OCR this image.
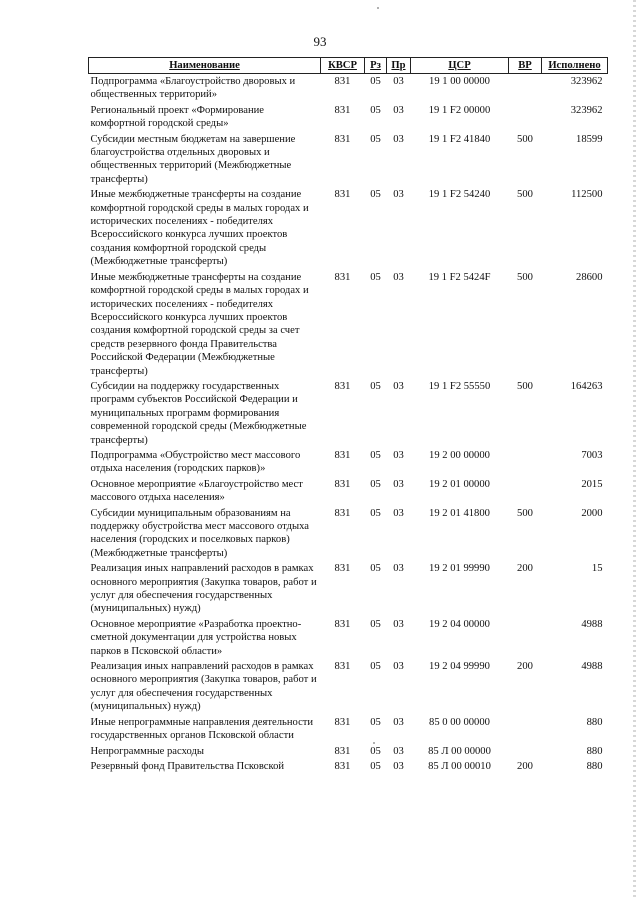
93
Наименование	КВСР	Рз	Пр	ЦСР	ВР	Исполнено
Подпрограмма «Благоустройство дворовых и общественных территорий»	831	05	03	19 1 00 00000		323962
Региональный проект «Формирование комфортной городской среды»	831	05	03	19 1 F2 00000		323962
Субсидии местным бюджетам на завершение благоустройства отдельных дворовых и общественных территорий (Межбюджетные трансферты)	831	05	03	19 1 F2 41840	500	18599
Иные межбюджетные трансферты на создание комфортной городской среды в малых городах и исторических поселениях - победителях Всероссийского конкурса лучших проектов создания комфортной городской среды (Межбюджетные трансферты)	831	05	03	19 1 F2 54240	500	112500
Иные межбюджетные трансферты на создание комфортной городской среды в малых городах и исторических поселениях - победителях Всероссийского конкурса лучших проектов создания комфортной городской среды за счет средств резервного фонда Правительства Российской Федерации (Межбюджетные трансферты)	831	05	03	19 1 F2 5424F	500	28600
Субсидии на поддержку государственных программ субъектов Российской Федерации и муниципальных программ формирования современной городской среды (Межбюджетные трансферты)	831	05	03	19 1 F2 55550	500	164263
Подпрограмма «Обустройство мест массового отдыха населения (городских парков)»	831	05	03	19 2 00 00000		7003
Основное мероприятие «Благоустройство мест массового отдыха населения»	831	05	03	19 2 01 00000		2015
Субсидии муниципальным образованиям на поддержку обустройства мест массового отдыха населения (городских и поселковых парков) (Межбюджетные трансферты)	831	05	03	19 2 01 41800	500	2000
Реализация иных направлений расходов в рамках основного мероприятия (Закупка товаров, работ и услуг для обеспечения государственных (муниципальных) нужд)	831	05	03	19 2 01 99990	200	15
Основное мероприятие «Разработка проектно-сметной документации для устройства новых парков в Псковской области»	831	05	03	19 2 04 00000		4988
Реализация иных направлений расходов в рамках основного мероприятия (Закупка товаров, работ и услуг для обеспечения государственных (муниципальных) нужд)	831	05	03	19 2 04 99990	200	4988
Иные непрограммные направления деятельности государственных органов Псковской области	831	05	03	85 0 00 00000		880
Непрограммные расходы	831	05	03	85 Л 00 00000		880
Резервный фонд Правительства Псковской	831	05	03	85 Л 00 00010	200	880
